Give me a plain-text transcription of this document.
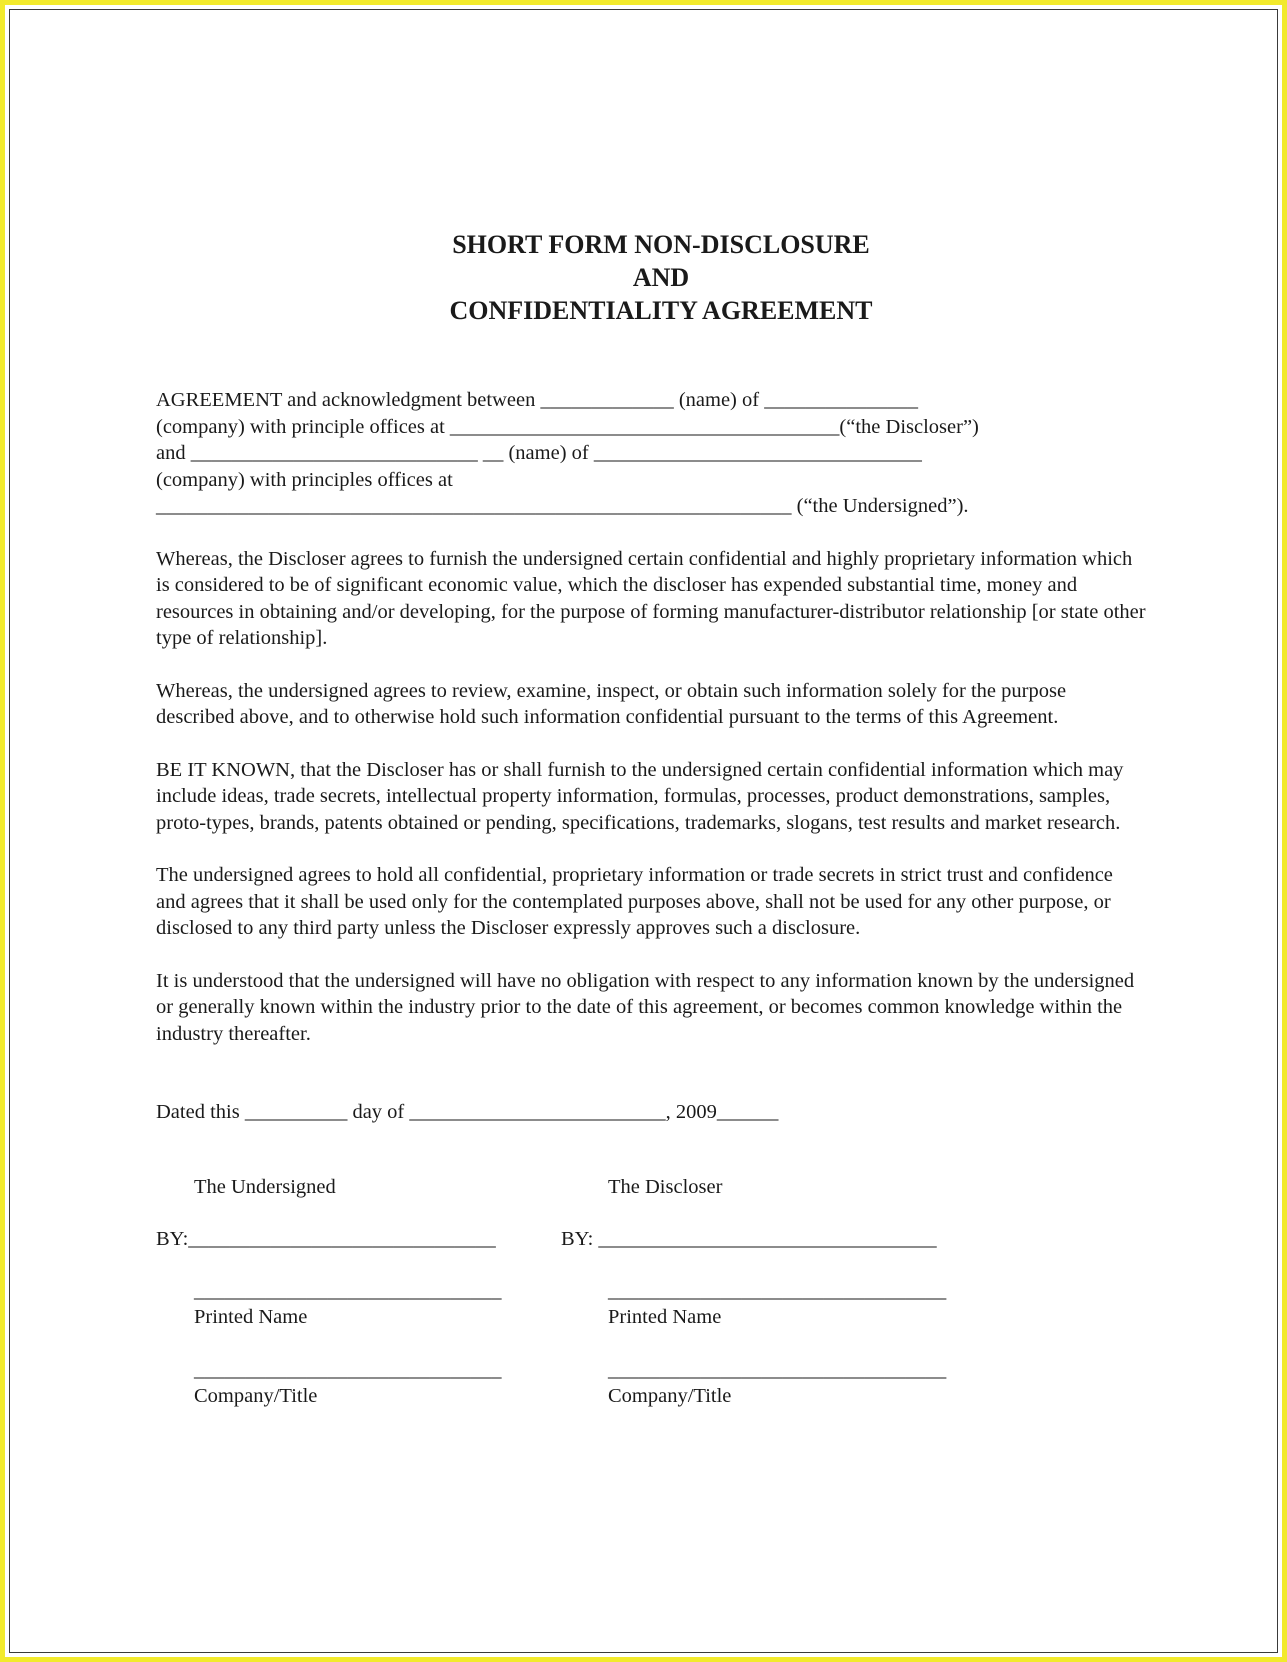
SHORT FORM NON-DISCLOSURE
AND
CONFIDENTIALITY AGREEMENT
AGREEMENT and acknowledgment between _____________ (name) of _______________
(company) with principle offices at ______________________________________(“the Discloser”)
and ____________________________ __ (name) of ________________________________
(company) with principles offices at
______________________________________________________________ (“the Undersigned”).

Whereas, the Discloser agrees to furnish the undersigned certain confidential and highly proprietary information which is considered to be of significant economic value, which the discloser has expended substantial time, money and resources in obtaining and/or developing, for the purpose of forming manufacturer-distributor relationship [or state other type of relationship].

Whereas, the undersigned agrees to review, examine, inspect, or obtain such information solely for the purpose described above, and to otherwise hold such information confidential pursuant to the terms of this Agreement.

BE IT KNOWN, that the Discloser has or shall furnish to the undersigned certain confidential information which may include ideas, trade secrets, intellectual property information, formulas, processes, product demonstrations, samples, proto-types, brands, patents obtained or pending, specifications, trademarks, slogans, test results and market research.

The undersigned agrees to hold all confidential, proprietary information or trade secrets in strict trust and confidence and agrees that it shall be used only for the contemplated purposes above, shall not be used for any other purpose, or disclosed to any third party unless the Discloser expressly approves such a disclosure.

It is understood that the undersigned will have no obligation with respect to any information known by the undersigned or generally known within the industry prior to the date of this agreement, or becomes common knowledge within the industry thereafter.

Dated this __________ day of _________________________, 2009______
The Undersigned
BY:______________________________
______________________________
Printed Name
______________________________
Company/Title
The Discloser
BY: _________________________________
_________________________________
Printed Name
_________________________________
Company/Title
